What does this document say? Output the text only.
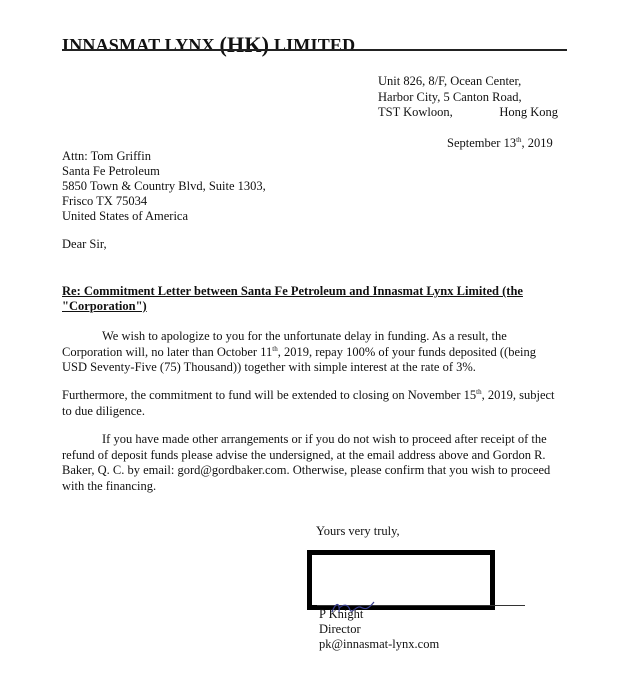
INNASMAT LYNX (HK) LIMITED
Unit 826, 8/F, Ocean Center,
Harbor City, 5 Canton Road,
TST Kowloon,	Hong Kong
September 13th, 2019
Attn: Tom Griffin
Santa Fe Petroleum
5850 Town & Country Blvd, Suite 1303,
Frisco TX 75034
United States of America
Dear Sir,
Re: Commitment Letter between Santa Fe Petroleum and Innasmat Lynx Limited (the "Corporation")
We wish to apologize to you for the unfortunate delay in funding. As a result, the Corporation will, no later than October 11th, 2019, repay 100% of your funds deposited ((being USD Seventy-Five (75) Thousand)) together with simple interest at the rate of 3%.
Furthermore, the commitment to fund will be extended to closing on November 15th, 2019, subject to due diligence.
If you have made other arrangements or if you do not wish to proceed after receipt of the refund of deposit funds please advise the undersigned, at the email address above and Gordon R. Baker, Q. C. by email: gord@gordbaker.com. Otherwise, please confirm that you wish to proceed with the financing.
Yours very truly,
P Knight
Director
pk@innasmat-lynx.com
